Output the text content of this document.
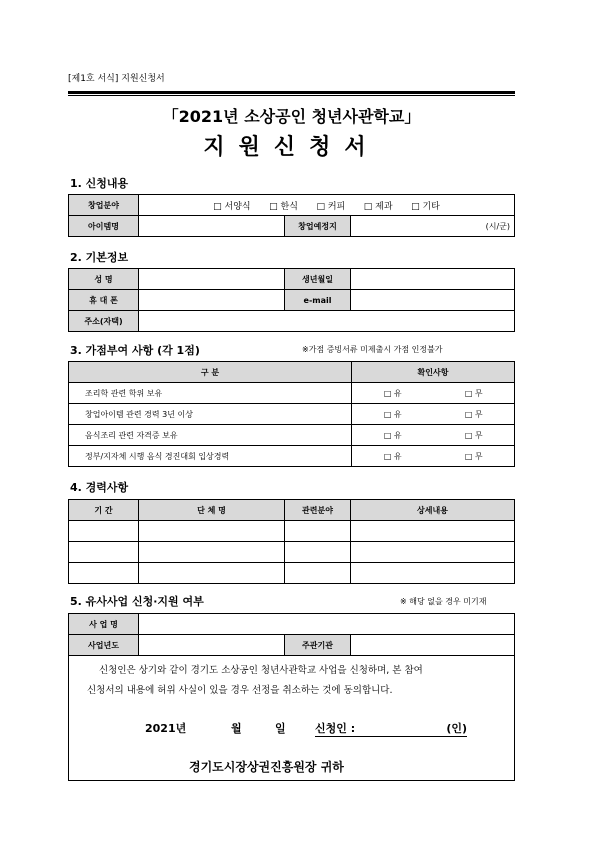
[제1호 서식] 지원신청서
「2021년 소상공인 청년사관학교」
지원신청서
1. 신청내용
창업분야	□ 서양식 □ 한식 □ 커피 □ 제과 □ 기타		
아이템명		창업예정지	(시/군)
2. 기본정보
성 명		생년월일	
휴 대 폰		e-mail	
주소(자택)			
3. 가점부여 사항 (각 1점)	※가점 증빙서류 미제출시 가점 인정불가
구 분	확인사항	
조리학 관련 학위 보유	□ 유	□ 무
창업아이템 관련 경력 3년 이상	□ 유	□ 무
음식조리 관련 자격증 보유	□ 유	□ 무
정부/지자체 시행 음식 경진대회 입상경력	□ 유	□ 무
4. 경력사항
기 간	단 체 명	관련분야	상세내용

5. 유사사업 신청·지원 여부	※ 해당 없을 경우 미기재
사 업 명			
사업년도		주관기관	
신청인은 상기와 같이 경기도 소상공인 청년사관학교 사업을 신청하며, 본 참여
신청서의 내용에 허위 사실이 있을 경우 선정을 취소하는 것에 동의합니다.
2021년	월	일	신청인 :	(인)
경기도시장상권진흥원장 귀하
